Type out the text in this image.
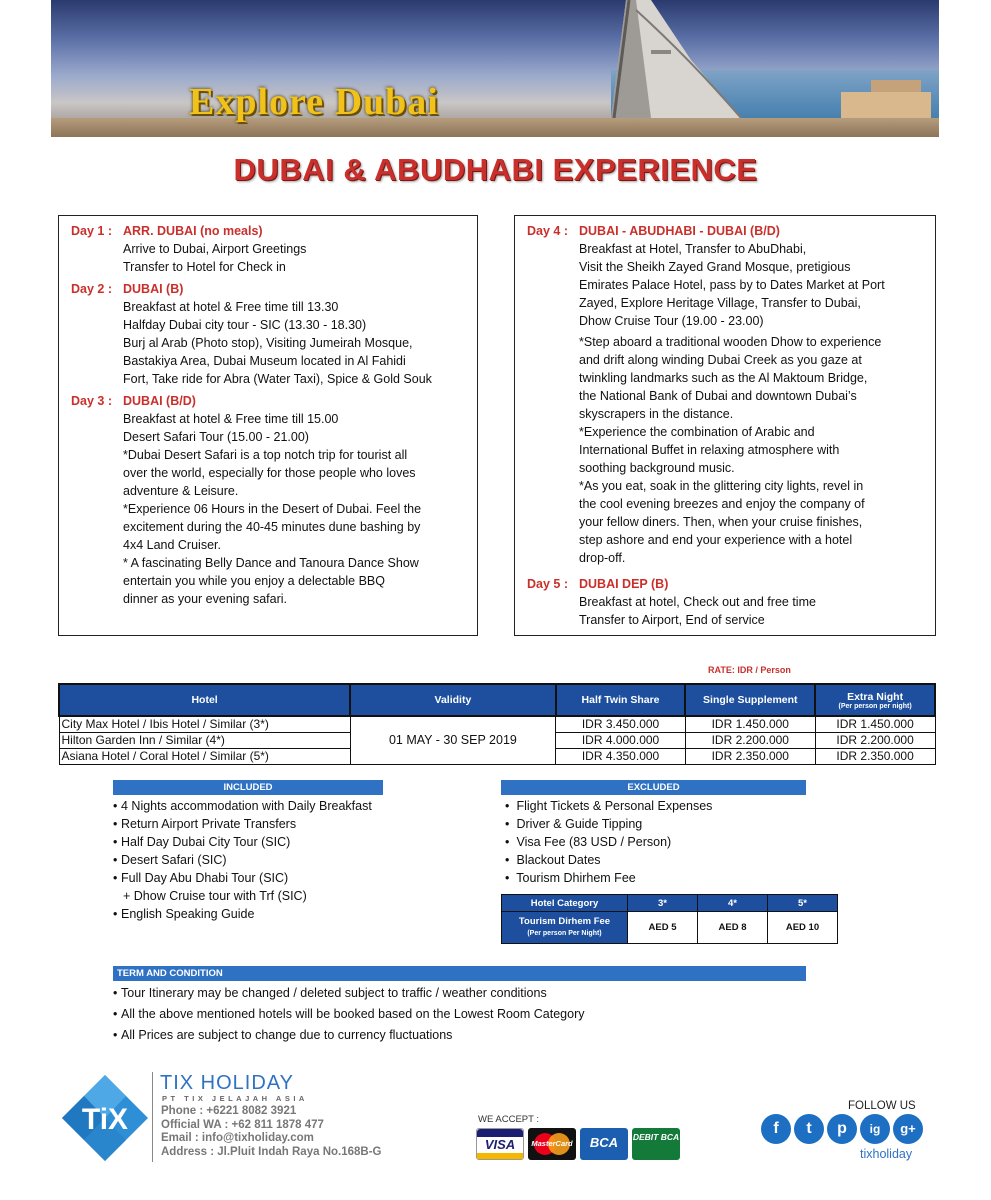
Explore Dubai
DUBAI & ABUDHABI EXPERIENCE
Day 1 : ARR. DUBAI (no meals)
Arrive to Dubai, Airport Greetings
Transfer to Hotel for Check in
Day 2 : DUBAI (B)
Breakfast at hotel & Free time till 13.30
Halfday Dubai city tour - SIC (13.30 - 18.30)
Burj al Arab (Photo stop), Visiting Jumeirah Mosque,
Bastakiya Area, Dubai Museum located in Al Fahidi
Fort, Take ride for Abra (Water Taxi), Spice & Gold Souk
Day 3 : DUBAI (B/D)
Breakfast at hotel & Free time till 15.00
Desert Safari Tour (15.00 - 21.00)
*Dubai Desert Safari is a top notch trip for tourist all
over the world, especially for those people who loves
adventure & Leisure.
*Experience 06 Hours in the Desert of Dubai. Feel the
excitement during the 40-45 minutes dune bashing by
4x4 Land Cruiser.
* A fascinating Belly Dance and Tanoura Dance Show
entertain you while you enjoy a delectable BBQ
dinner as your evening safari.
Day 4 : DUBAI - ABUDHABI - DUBAI (B/D)
Breakfast at Hotel, Transfer to AbuDhabi,
Visit the Sheikh Zayed Grand Mosque, pretigious
Emirates Palace Hotel, pass by to Dates Market at Port
Zayed, Explore Heritage Village, Transfer to Dubai,
Dhow Cruise Tour (19.00 - 23.00)
*Step aboard a traditional wooden Dhow to experience
and drift along winding Dubai Creek as you gaze at
twinkling landmarks such as the Al Maktoum Bridge,
the National Bank of Dubai and downtown Dubai’s
skyscrapers in the distance.
*Experience the combination of Arabic and
International Buffet in relaxing atmosphere with
soothing background music.
*As you eat, soak in the glittering city lights, revel in
the cool evening breezes and enjoy the company of
your fellow diners. Then, when your cruise finishes,
step ashore and end your experience with a hotel
drop-off.
Day 5 : DUBAI DEP (B)
Breakfast at hotel, Check out and free time
Transfer to Airport, End of service
RATE: IDR / Person
Hotel	Validity	Half Twin Share	Single Supplement	Extra Night
(Per person per night)

City Max Hotel / Ibis Hotel / Similar (3*)	01 MAY - 30 SEP 2019	IDR 3.450.000	IDR 1.450.000	IDR 1.450.000
Hilton Garden Inn / Similar (4*)		IDR 4.000.000	IDR 2.200.000	IDR 2.200.000
Asiana Hotel / Coral Hotel / Similar (5*)		IDR 4.350.000	IDR 2.350.000	IDR 2.350.000
INCLUDED
• 4 Nights accommodation with Daily Breakfast
• Return Airport Private Transfers
• Half Day Dubai City Tour (SIC)
• Desert Safari (SIC)
• Full Day Abu Dhabi Tour (SIC)
+ Dhow Cruise tour with Trf (SIC)
• English Speaking Guide
EXCLUDED
• Flight Tickets & Personal Expenses
• Driver & Guide Tipping
• Visa Fee (83 USD / Person)
• Blackout Dates
• Tourism Dhirhem Fee
Hotel Category	3*	4*	5*
Tourism Dirhem Fee
(Per person Per Night)	AED 5	AED 8	AED 10
TERM AND CONDITION
• Tour Itinerary may be changed / deleted subject to traffic / weather conditions
• All the above mentioned hotels will be booked based on the Lowest Room Category
• All Prices are subject to change due to currency fluctuations
TiX
TIX HOLIDAY
PT TIX JELAJAH ASIA
Phone : +6221 8082 3921
Official WA : +62 811 1878 477
Email : info@tixholiday.com
Address : Jl.Pluit Indah Raya No.168B-G
WE ACCEPT :
VISA	MasterCard	BCA	DEBIT BCA
FOLLOW US
f	t	p	ig	g+
tixholiday
